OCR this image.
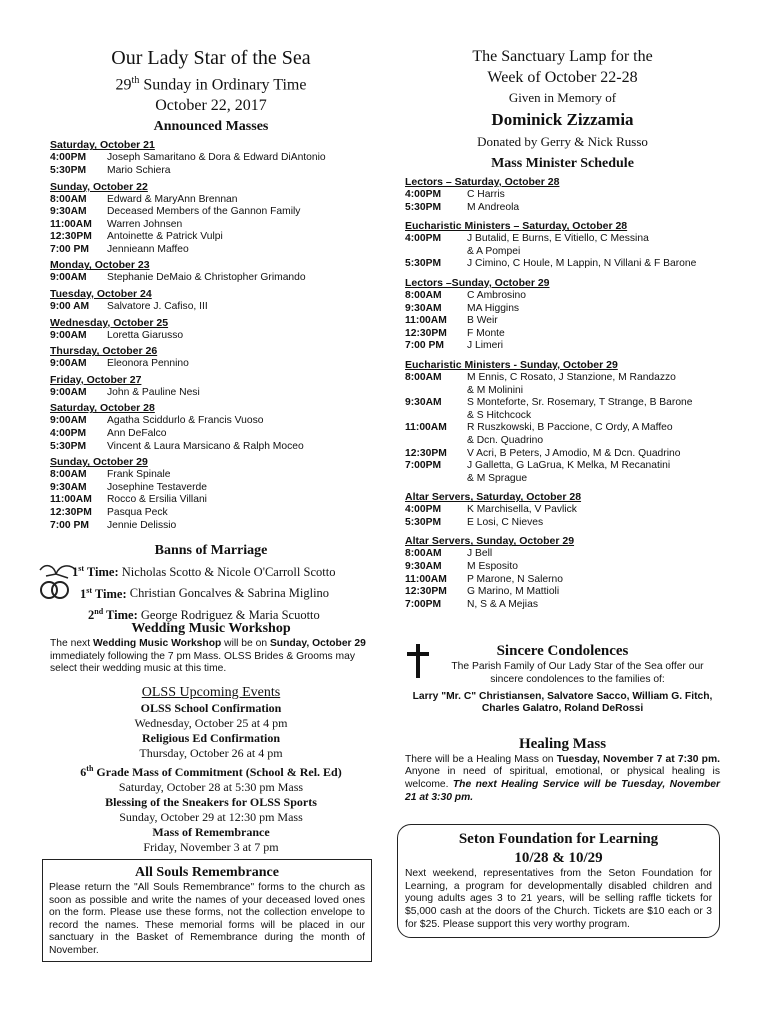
Our Lady Star of the Sea
29th Sunday in Ordinary Time
October 22, 2017
Announced Masses
Saturday, October 21
4:00PM	Joseph Samaritano & Dora & Edward DiAntonio
5:30PM	Mario Schiera
Sunday, October 22
8:00AM	Edward & MaryAnn Brennan
9:30AM	Deceased Members of the Gannon Family
11:00AM	Warren Johnsen
12:30PM	Antoinette & Patrick Vulpi
7:00 PM	Jennieann Maffeo
Monday, October 23
9:00AM	Stephanie DeMaio & Christopher Grimando
Tuesday, October 24
9:00 AM	Salvatore J. Cafiso, III
Wednesday, October 25
9:00AM	Loretta Giarusso
Thursday, October 26
9:00AM	Eleonora Pennino
Friday, October 27
9:00AM	John & Pauline Nesi
Saturday, October 28
9:00AM	Agatha Sciddurlo & Francis Vuoso
4:00PM	Ann DeFalco
5:30PM	Vincent & Laura Marsicano & Ralph Moceo
Sunday, October 29
8:00AM	Frank Spinale
9:30AM	Josephine Testaverde
11:00AM	Rocco & Ersilia Villani
12:30PM	Pasqua Peck
7:00 PM	Jennie Delissio
Banns of Marriage
1st Time: Nicholas Scotto & Nicole O'Carroll Scotto
1st Time: Christian Goncalves & Sabrina Miglino
2nd Time: George Rodriguez & Maria Scuotto
Wedding Music Workshop

The next Wedding Music Workshop will be on Sunday, October 29 immediately following the 7 pm Mass. OLSS Brides & Grooms may select their wedding music at this time.

OLSS Upcoming Events
OLSS School Confirmation
Wednesday, October 25 at 4 pm
Religious Ed Confirmation
Thursday, October 26 at 4 pm
6th Grade Mass of Commitment (School & Rel. Ed)
Saturday, October 28 at 5:30 pm Mass
Blessing of the Sneakers for OLSS Sports
Sunday, October 29 at 12:30 pm Mass
Mass of Remembrance
Friday, November 3 at 7 pm
All Souls Remembrance

Please return the "All Souls Remembrance" forms to the church as soon as possible and write the names of your deceased loved ones on the form. Please use these forms, not the collection envelope to record the names. These memorial forms will be placed in our sanctuary in the Basket of Remembrance during the month of November.

The Sanctuary Lamp for the
Week of October 22-28
Given in Memory of
Dominick Zizzamia
Donated by Gerry & Nick Russo
Mass Minister Schedule
Lectors – Saturday, October 28
4:00PM	C Harris
5:30PM	M Andreola
Eucharistic Ministers – Saturday, October 28
4:00PM	J Butalid, E Burns, E Vitiello, C Messina
& A Pompei
5:30PM	J Cimino, C Houle, M Lappin, N Villani & F Barone
Lectors –Sunday, October 29
8:00AM	C Ambrosino
9:30AM	MA Higgins
11:00AM	B Weir
12:30PM	F Monte
7:00 PM	J Limeri
Eucharistic Ministers - Sunday, October 29
8:00AM	M Ennis, C Rosato, J Stanzione, M Randazzo
& M Molinini
9:30AM	S Monteforte, Sr. Rosemary, T Strange, B Barone
& S Hitchcock
11:00AM	R Ruszkowski, B Paccione, C Ordy, A Maffeo
& Dcn. Quadrino
12:30PM	V Acri, B Peters, J Amodio, M & Dcn. Quadrino
7:00PM	J Galletta, G LaGrua, K Melka, M Recanatini
& M Sprague
Altar Servers, Saturday, October 28
4:00PM	K Marchisella, V Pavlick
5:30PM	E Losi, C Nieves
Altar Servers, Sunday, October 29
8:00AM	J Bell
9:30AM	M Esposito
11:00AM	P Marone, N Salerno
12:30PM	G Marino, M Mattioli
7:00PM	N, S & A Mejias
Sincere Condolences

The Parish Family of Our Lady Star of the Sea offer our sincere condolences to the families of:

Larry "Mr. C" Christiansen, Salvatore Sacco, William G. Fitch, Charles Galatro, Roland DeRossi

Healing Mass

There will be a Healing Mass on Tuesday, November 7 at 7:30 pm. Anyone in need of spiritual, emotional, or physical healing is welcome. The next Healing Service will be Tuesday, November 21 at 3:30 pm.

Seton Foundation for Learning
10/28 & 10/29

Next weekend, representatives from the Seton Foundation for Learning, a program for developmentally disabled children and young adults ages 3 to 21 years, will be selling raffle tickets for $5,000 cash at the doors of the Church. Tickets are $10 each or 3 for $25. Please support this very worthy program.
